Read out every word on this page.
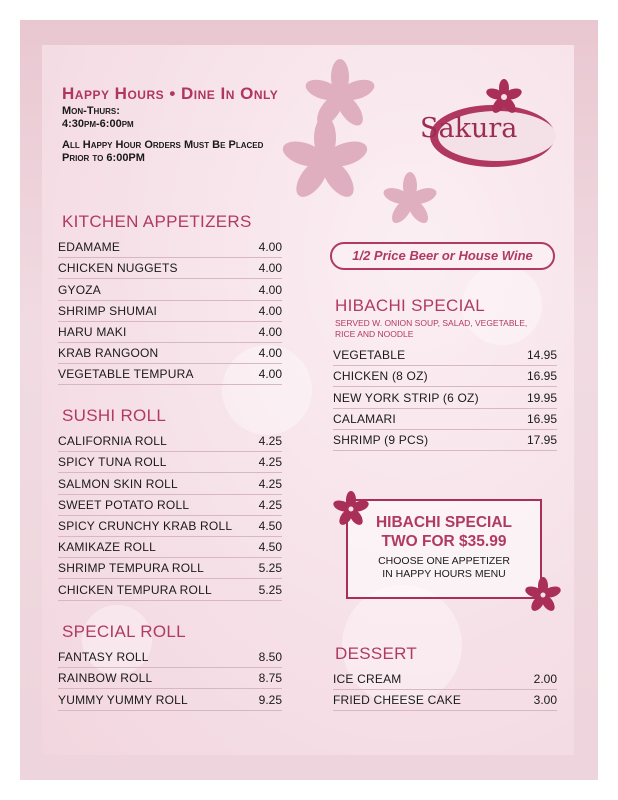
Happy Hours • Dine In Only

Mon-Thurs:

4:30pm-6:00pm

All Happy Hour Orders Must Be Placed

Prior to 6:00PM

Sakura

KITCHEN APPETIZERS

EDAMAME	4.00
CHICKEN NUGGETS	4.00
GYOZA	4.00
SHRIMP SHUMAI	4.00
HARU MAKI	4.00
KRAB RANGOON	4.00
VEGETABLE TEMPURA	4.00

SUSHI ROLL

CALIFORNIA ROLL	4.25
SPICY TUNA ROLL	4.25
SALMON SKIN ROLL	4.25
SWEET POTATO ROLL	4.25
SPICY CRUNCHY KRAB ROLL 4.50
KAMIKAZE ROLL	4.50
SHRIMP TEMPURA ROLL	5.25
CHICKEN TEMPURA ROLL	5.25

SPECIAL ROLL

FANTASY ROLL	8.50
RAINBOW ROLL	8.75
YUMMY YUMMY ROLL	9.25
1/2 Price Beer or House Wine

HIBACHI SPECIAL

SERVED W. ONION SOUP, SALAD, VEGETABLE,

RICE AND NOODLE

VEGETABLE	14.95
CHICKEN (8 OZ)	16.95
NEW YORK STRIP (6 OZ)	19.95
CALAMARI	16.95
SHRIMP (9 PCS)	17.95

HIBACHI SPECIAL

TWO FOR $35.99

CHOOSE ONE APPETIZER

IN HAPPY HOURS MENU

DESSERT

ICE CREAM	2.00
FRIED CHEESE CAKE	3.00
